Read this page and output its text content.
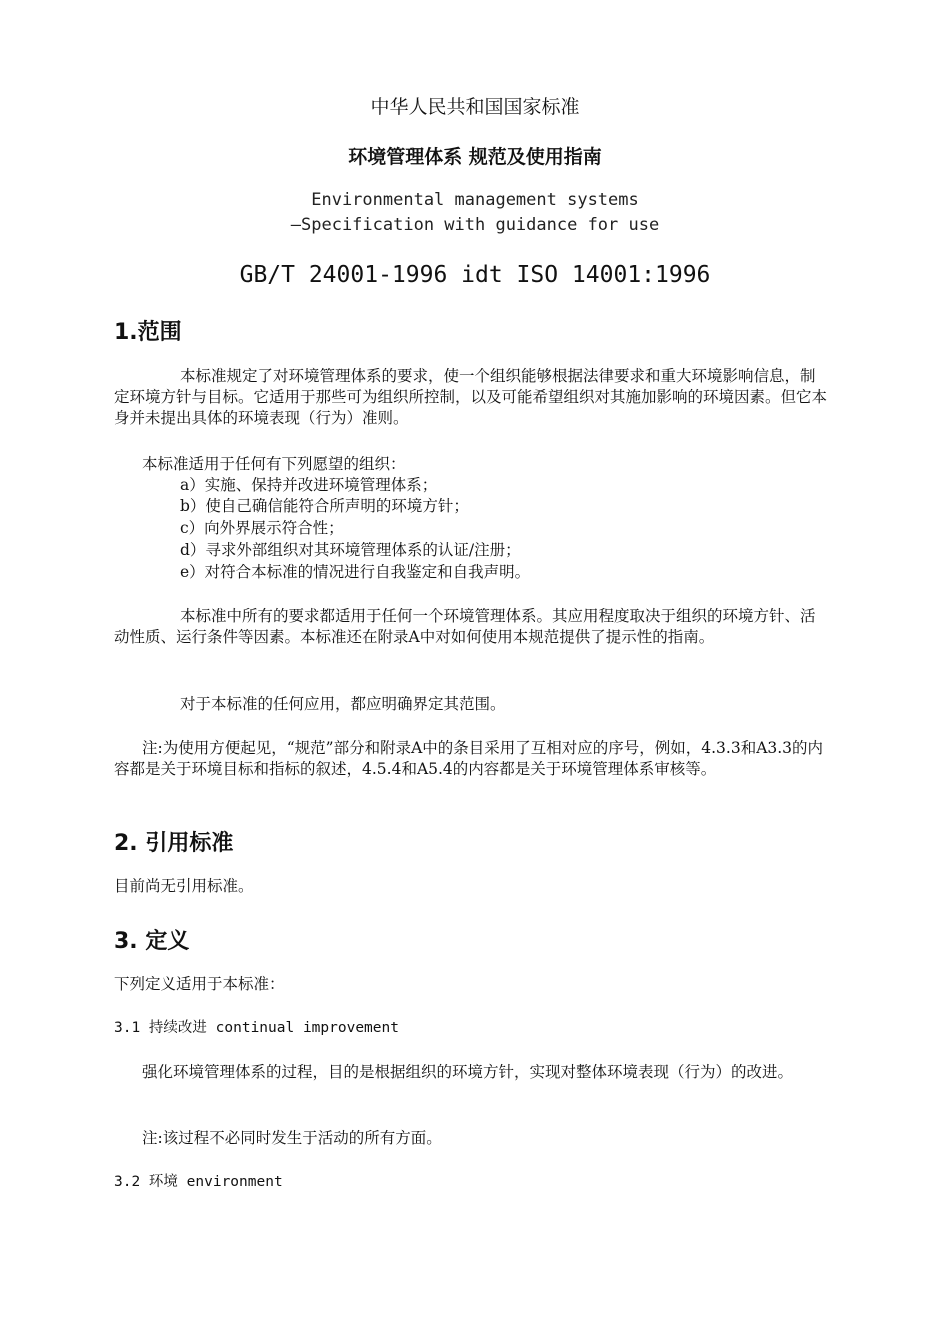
中华人民共和国国家标准

环境管理体系 规范及使用指南

Environmental management systems

—Specification with guidance for use

GB/T 24001-1996 idt ISO 14001:1996

1.范围

本标准规定了对环境管理体系的要求，使一个组织能够根据法律要求和重大环境影响信息，制定环境方针与目标。它适用于那些可为组织所控制，以及可能希望组织对其施加影响的环境因素。但它本身并未提出具体的环境表现（行为）准则。

本标准适用于任何有下列愿望的组织：

a）实施、保持并改进环境管理体系；

b）使自己确信能符合所声明的环境方针；

c）向外界展示符合性；

d）寻求外部组织对其环境管理体系的认证/注册；

e）对符合本标准的情况进行自我鉴定和自我声明。

本标准中所有的要求都适用于任何一个环境管理体系。其应用程度取决于组织的环境方针、活动性质、运行条件等因素。本标准还在附录A中对如何使用本规范提供了提示性的指南。

对于本标准的任何应用，都应明确界定其范围。

注:为使用方便起见，“规范”部分和附录A中的条目采用了互相对应的序号，例如，4.3.3和A3.3的内容都是关于环境目标和指标的叙述，4.5.4和A5.4的内容都是关于环境管理体系审核等。

2. 引用标准

目前尚无引用标准。

3. 定义

下列定义适用于本标准：

3.1 持续改进 continual improvement

强化环境管理体系的过程，目的是根据组织的环境方针，实现对整体环境表现（行为）的改进。

注:该过程不必同时发生于活动的所有方面。

3.2 环境 environment
